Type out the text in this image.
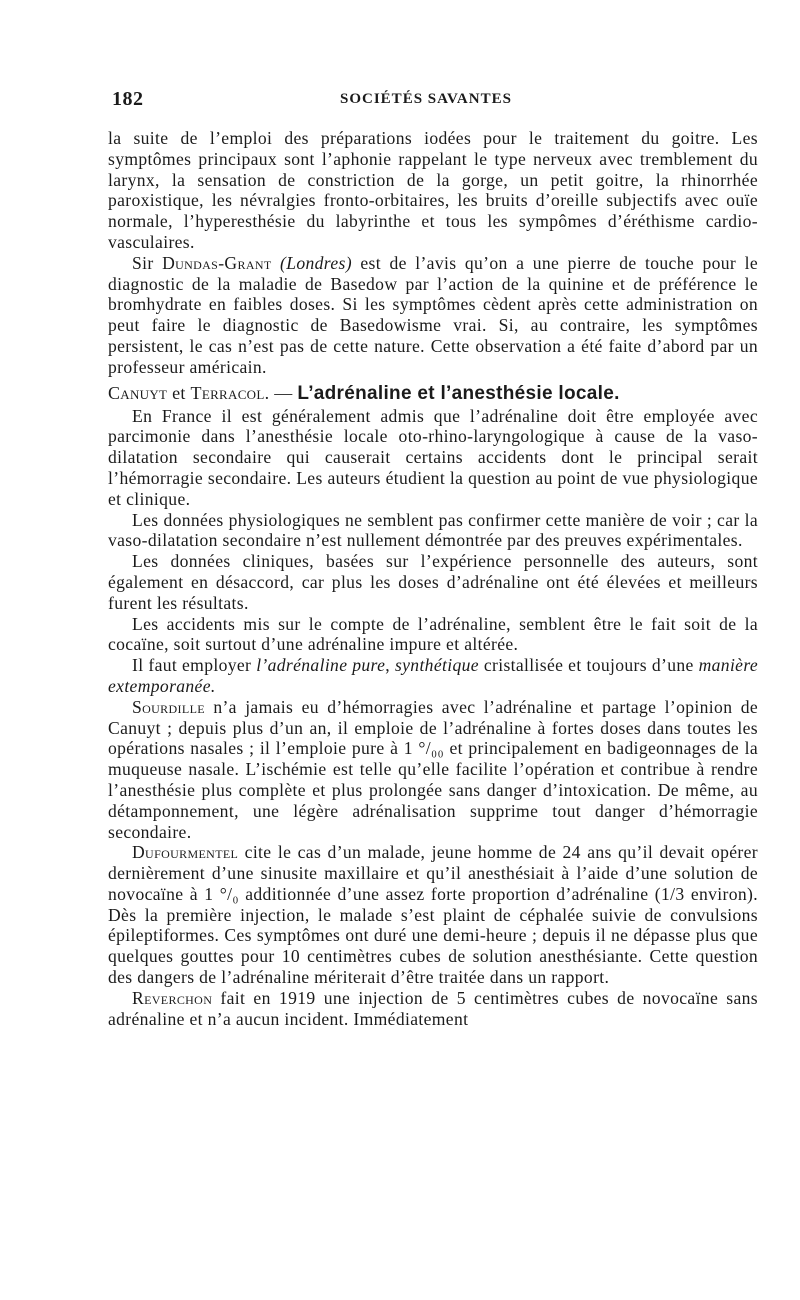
182	SOCIÉTÉS SAVANTES

la suite de l’emploi des préparations iodées pour le traitement du goitre. Les symptômes principaux sont l’aphonie rappelant le type nerveux avec tremblement du larynx, la sensation de constriction de la gorge, un petit goitre, la rhinorrhée paroxistique, les névralgies fronto-orbitaires, les bruits d’oreille subjectifs avec ouïe normale, l’hyperesthésie du labyrinthe et tous les sympômes d’éréthisme cardio-vasculaires.

Sir Dundas-Grant (Londres) est de l’avis qu’on a une pierre de touche pour le diagnostic de la maladie de Basedow par l’action de la quinine et de préférence le bromhydrate en faibles doses. Si les symptômes cèdent après cette administration on peut faire le diagnostic de Basedowisme vrai. Si, au contraire, les symptômes persistent, le cas n’est pas de cette nature. Cette observation a été faite d’abord par un professeur américain.

Canuyt et Terracol. — L’adrénaline et l’anesthésie locale.

En France il est généralement admis que l’adrénaline doit être employée avec parcimonie dans l’anesthésie locale oto-rhino-laryngologique à cause de la vaso-dilatation secondaire qui causerait certains accidents dont le principal serait l’hémorragie secondaire. Les auteurs étudient la question au point de vue physiologique et clinique.

Les données physiologiques ne semblent pas confirmer cette manière de voir ; car la vaso-dilatation secondaire n’est nullement démontrée par des preuves expérimentales.

Les données cliniques, basées sur l’expérience personnelle des auteurs, sont également en désaccord, car plus les doses d’adrénaline ont été élevées et meilleurs furent les résultats.

Les accidents mis sur le compte de l’adrénaline, semblent être le fait soit de la cocaïne, soit surtout d’une adrénaline impure et altérée.

Il faut employer l’adrénaline pure, synthétique cristallisée et toujours d’une manière extemporanée.

Sourdille n’a jamais eu d’hémorragies avec l’adrénaline et partage l’opinion de Canuyt ; depuis plus d’un an, il emploie de l’adrénaline à fortes doses dans toutes les opérations nasales ; il l’emploie pure à 1 °/₀₀ et principalement en badigeonnages de la muqueuse nasale. L’ischémie est telle qu’elle facilite l’opération et contribue à rendre l’anesthésie plus complète et plus prolongée sans danger d’intoxication. De même, au détamponnement, une légère adrénalisation supprime tout danger d’hémorragie secondaire.

Dufourmentel cite le cas d’un malade, jeune homme de 24 ans qu’il devait opérer dernièrement d’une sinusite maxillaire et qu’il anesthésiait à l’aide d’une solution de novocaïne à 1 °/₀ additionnée d’une assez forte proportion d’adrénaline (1/3 environ). Dès la première injection, le malade s’est plaint de céphalée suivie de convulsions épileptiformes. Ces symptômes ont duré une demi-heure ; depuis il ne dépasse plus que quelques gouttes pour 10 centimètres cubes de solution anesthésiante. Cette question des dangers de l’adrénaline mériterait d’être traitée dans un rapport.

Reverchon fait en 1919 une injection de 5 centimètres cubes de novocaïne sans adrénaline et n’a aucun incident. Immédiatement
